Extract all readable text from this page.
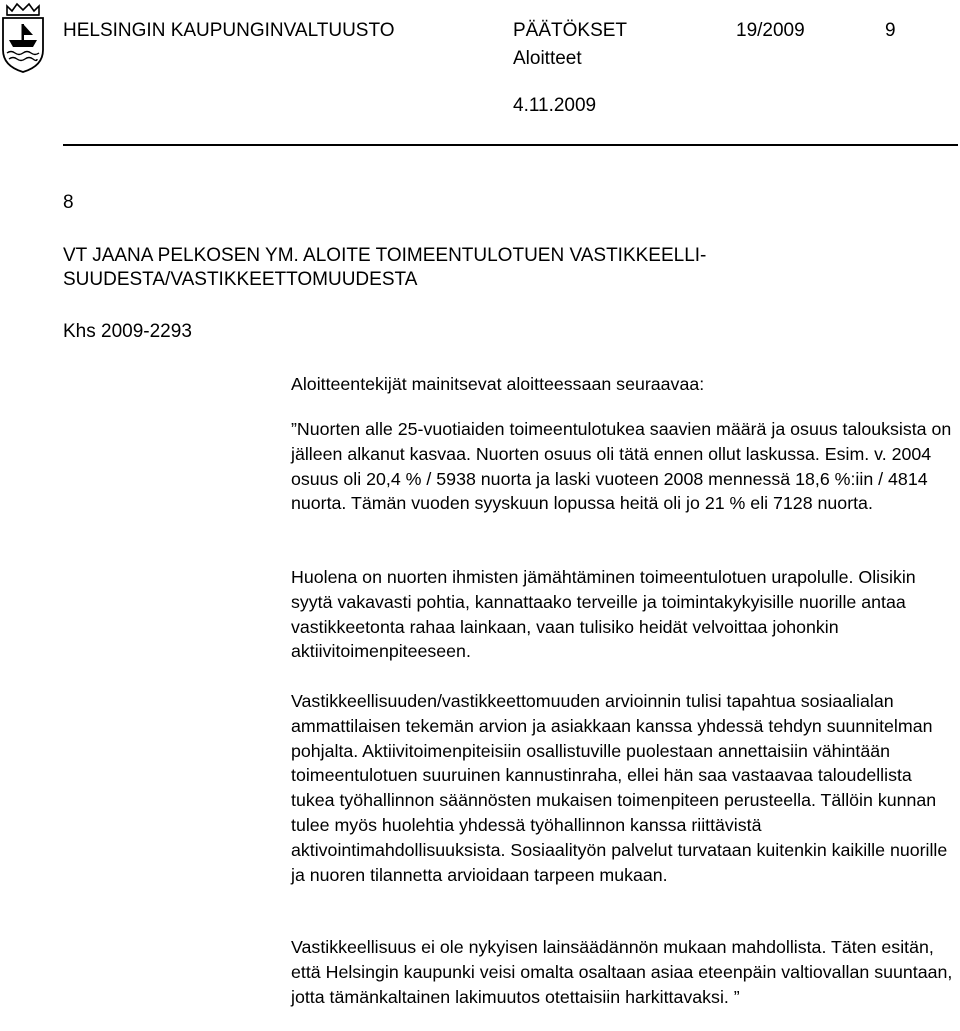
HELSINGIN KAUPUNGINVALTUUSTO	PÄÄTÖKSET	19/2009	9
Aloitteet
4.11.2009
8
VT JAANA PELKOSEN YM. ALOITE TOIMEENTULOTUEN VASTIKKEELLI-
SUUDESTA/VASTIKKEETTOMUUDESTA
Khs 2009-2293

Aloitteentekijät mainitsevat aloitteessaan seuraavaa:

”Nuorten alle 25-vuotiaiden toimeentulotukea saavien määrä ja osuus talouksista on jälleen alkanut kasvaa. Nuorten osuus oli tätä ennen ollut laskussa. Esim. v. 2004 osuus oli 20,4 % / 5938 nuorta ja laski vuoteen 2008 mennessä 18,6 %:iin / 4814 nuorta. Tämän vuoden syyskuun lopussa heitä oli jo 21 % eli 7128 nuorta.

Huolena on nuorten ihmisten jämähtäminen toimeentulotuen urapolulle. Olisikin syytä vakavasti pohtia, kannattaako terveille ja toimintakykyisille nuorille antaa vastikkeetonta rahaa lainkaan, vaan tulisiko heidät velvoittaa johonkin aktiivitoimenpiteeseen.

Vastikkeellisuuden/vastikkeettomuuden arvioinnin tulisi tapahtua sosiaalialan ammattilaisen tekemän arvion ja asiakkaan kanssa yhdessä tehdyn suunnitelman pohjalta. Aktiivitoimenpiteisiin osallistuville puolestaan annettaisiin vähintään toimeentulotuen suuruinen kannustinraha, ellei hän saa vastaavaa taloudellista tukea työhallinnon säännösten mukaisen toimenpiteen perusteella. Tällöin kunnan tulee myös huolehtia yhdessä työhallinnon kanssa riittävistä aktivointimahdollisuuksista. Sosiaalityön palvelut turvataan kuitenkin kaikille nuorille ja nuoren tilannetta arvioidaan tarpeen mukaan.

Vastikkeellisuus ei ole nykyisen lainsäädännön mukaan mahdollista. Täten esitän, että Helsingin kaupunki veisi omalta osaltaan asiaa eteenpäin valtiovallan suuntaan, jotta tämänkaltainen lakimuutos otettaisiin harkittavaksi. ”
